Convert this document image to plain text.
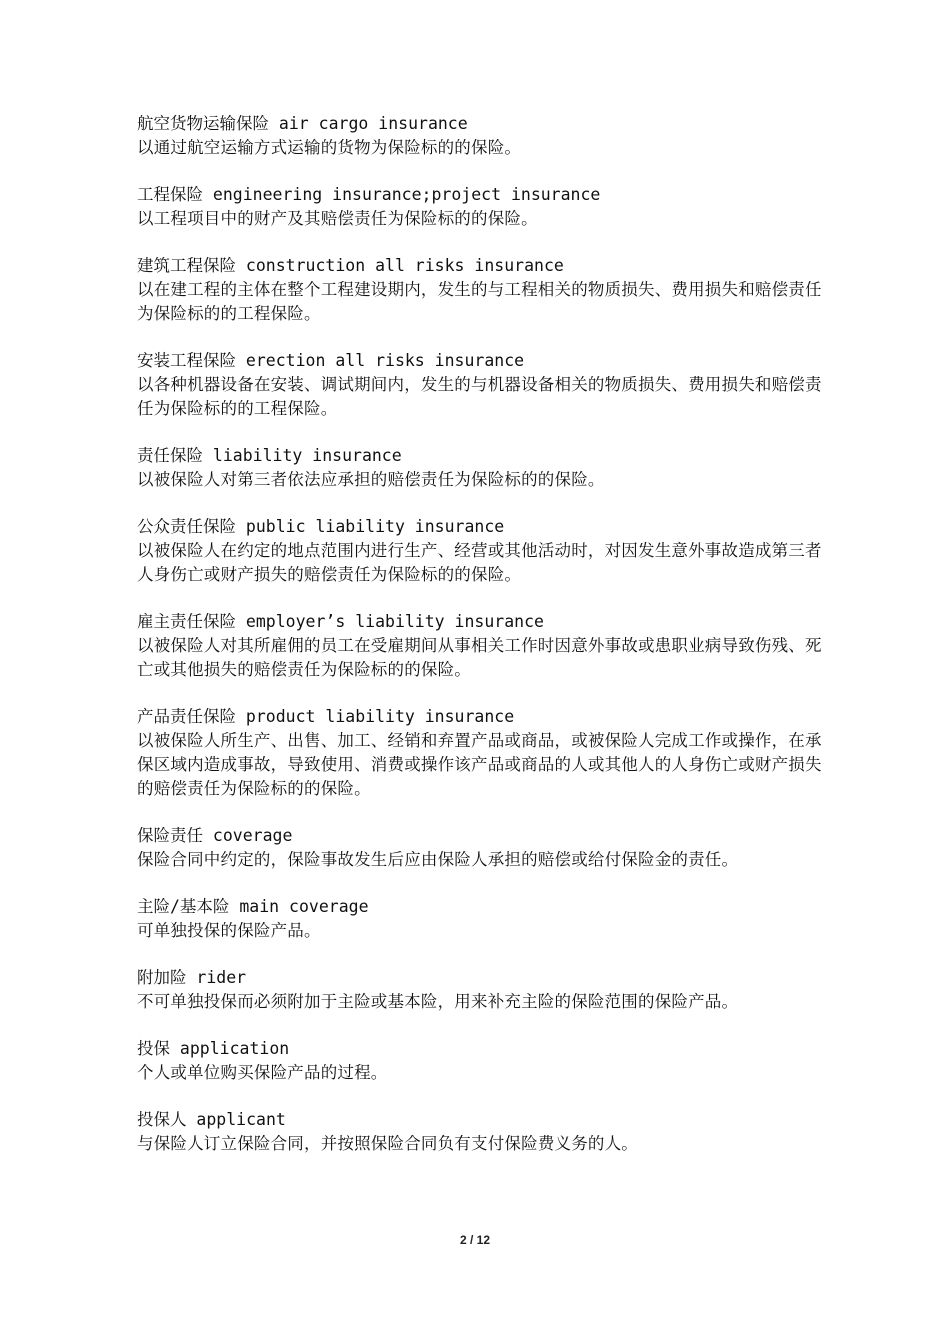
航空货物运输保险 air cargo insurance
以通过航空运输方式运输的货物为保险标的的保险。
工程保险 engineering insurance;project insurance
以工程项目中的财产及其赔偿责任为保险标的的保险。
建筑工程保险 construction all risks insurance
以在建工程的主体在整个工程建设期内，发生的与工程相关的物质损失、费用损失和赔偿责任为保险标的的工程保险。
安装工程保险 erection all risks insurance
以各种机器设备在安装、调试期间内，发生的与机器设备相关的物质损失、费用损失和赔偿责任为保险标的的工程保险。
责任保险 liability insurance
以被保险人对第三者依法应承担的赔偿责任为保险标的的保险。
公众责任保险 public liability insurance
以被保险人在约定的地点范围内进行生产、经营或其他活动时，对因发生意外事故造成第三者人身伤亡或财产损失的赔偿责任为保险标的的保险。
雇主责任保险 employer’s liability insurance
以被保险人对其所雇佣的员工在受雇期间从事相关工作时因意外事故或患职业病导致伤残、死亡或其他损失的赔偿责任为保险标的的保险。
产品责任保险 product liability insurance
以被保险人所生产、出售、加工、经销和弃置产品或商品，或被保险人完成工作或操作，在承保区域内造成事故，导致使用、消费或操作该产品或商品的人或其他人的人身伤亡或财产损失的赔偿责任为保险标的的保险。
保险责任 coverage
保险合同中约定的，保险事故发生后应由保险人承担的赔偿或给付保险金的责任。
主险/基本险 main coverage
可单独投保的保险产品。
附加险 rider
不可单独投保而必须附加于主险或基本险，用来补充主险的保险范围的保险产品。
投保 application
个人或单位购买保险产品的过程。
投保人 applicant
与保险人订立保险合同，并按照保险合同负有支付保险费义务的人。
2 / 12
